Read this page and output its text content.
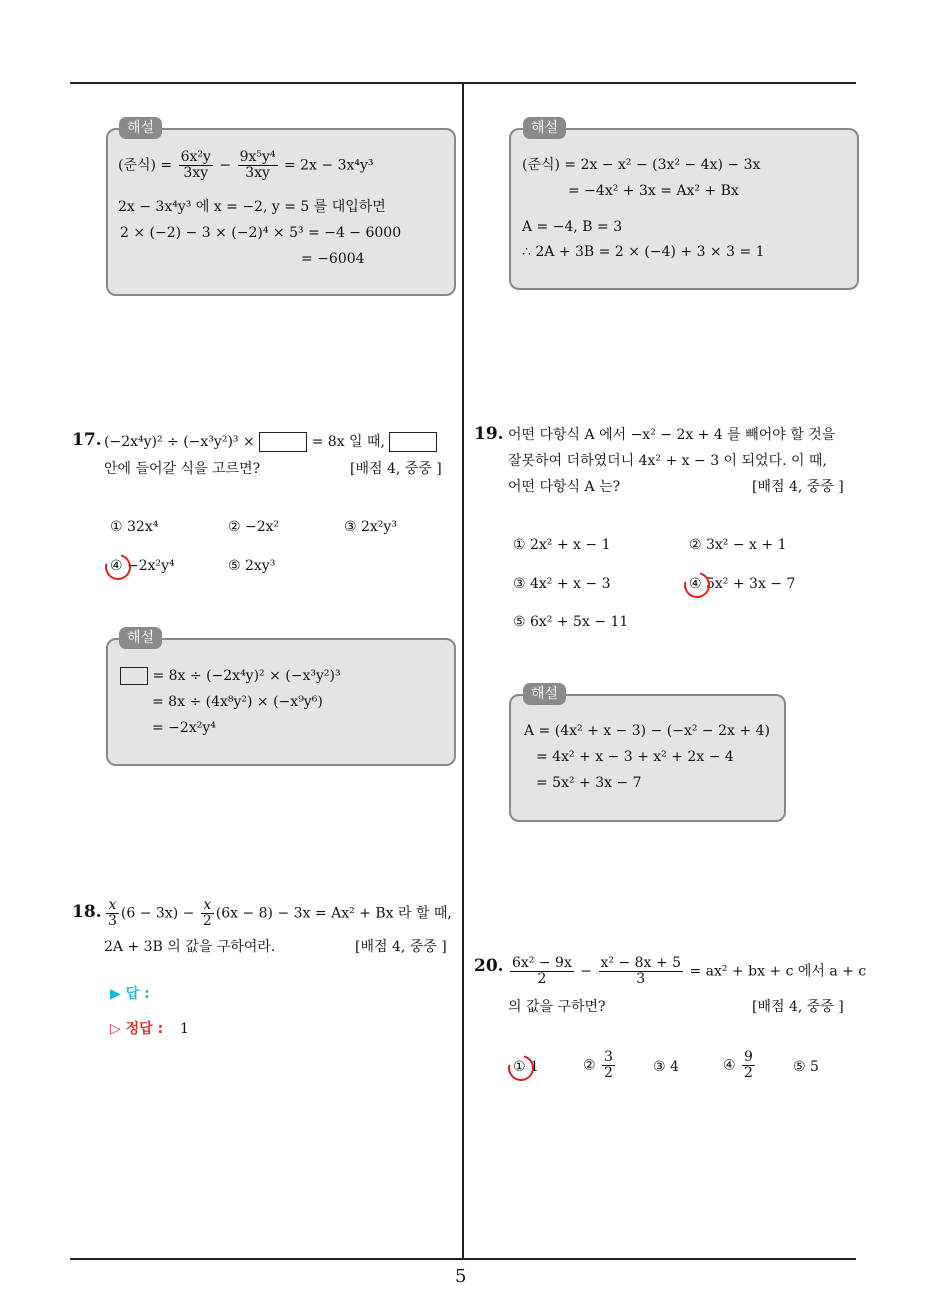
5
해설
(준식) = $\frac{\text{6x²y}}{3xy} - \frac{\text{9x⁵y⁴}}{3xy} = 2x - 3x^4y^3$
2x − 3x⁴y³ 에 x = −2, y = 5 를 대입하면
2 × (−2) − 3 × (−2)⁴ × 5³ = −4 − 6000
= −6004
해설
(준식) = 2x − x² − (3x² − 4x) − 3x
= −4x² + 3x = Ax² + Bx
A = −4, B = 3
∴ 2A + 3B = 2 × (−4) + 3 × 3 = 1
17. (−2x⁴y)² ÷ (−x³y²)³ ×	= 8x 일 때,
안에 들어갈 식을 고르면?	[배점 4, 중중 ]
① 32x⁴	② −2x²	③ 2x²y³
④ −2x²y⁴	⑤ 2xy³
해설
= 8x ÷ (−2x⁴y)² × (−x³y²)³
= 8x ÷ (4x⁸y²) × (−x⁹y⁶)
= −2x²y⁴
18. $\frac{x}{3} (6 - 3x) - \frac{x}{2} (6x - 8) - 3x = Ax^2 + Bx$ 라 할 때,
2A + 3B 의 값을 구하여라.	[배점 4, 중중 ]
▶ 답 :
▷ 정답 : 1
19. 어떤 다항식 A 에서 −x² − 2x + 4 를 빼어야 할 것을
잘못하여 더하였더니 4x² + x − 3 이 되었다. 이 때,
어떤 다항식 A 는?	[배점 4, 중중 ]
① 2x² + x − 1	② 3x² − x + 1
③ 4x² + x − 3	④ 5x² + 3x − 7
⑤ 6x² + 5x − 11
해설
A = (4x² + x − 3) − (−x² − 2x + 4)
= 4x² + x − 3 + x² + 2x − 4
= 5x² + 3x − 7
20. $\frac{\text{6x² − 9x}}{2} - \frac{\text{x² − 8x + 5}}{3} = ax^2$ + bx + c 에서 a + c
의 값을 구하면?	[배점 4, 중중 ]
① 1	② $\frac{3}{2}$	③ 4	④ $\frac{9}{2}$	⑤ 5
